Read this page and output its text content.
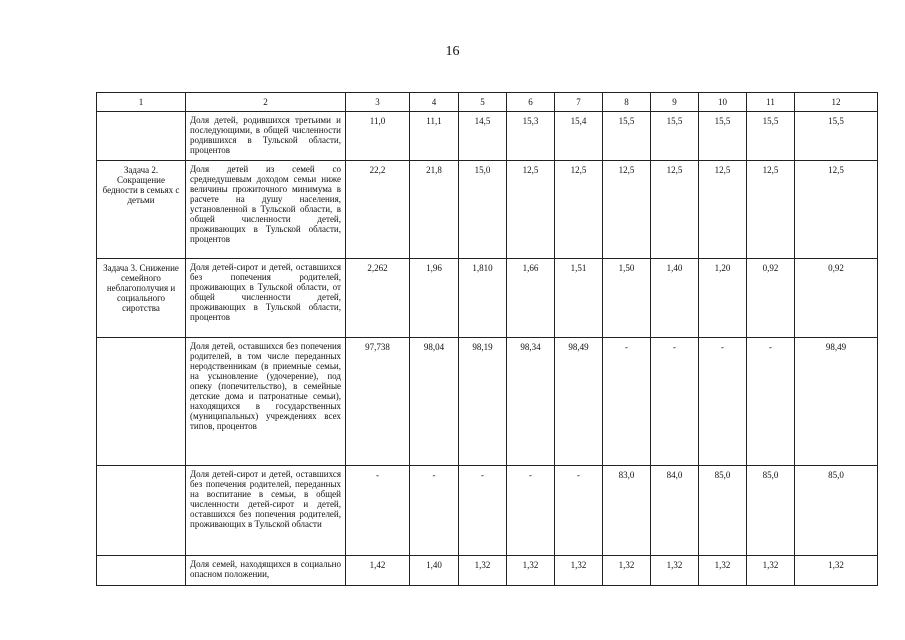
16
1	2	3	4	5	6	7	8	9	10	11	12
	Доля детей, родившихся третьими и последующими, в общей численности родившихся в Тульской области, процентов	11,0	11,1	14,5	15,3	15,4	15,5	15,5	15,5	15,5	15,5
Задача 2. Сокращение бедности в семьях с детьми	Доля детей из семей со среднедушевым доходом семьи ниже величины прожиточного минимума в расчете на душу населения, установленной в Тульской области, в общей численности детей, проживающих в Тульской области, процентов	22,2	21,8	15,0	12,5	12,5	12,5	12,5	12,5	12,5	12,5
Задача 3. Снижение семейного неблагополучия и социального сиротства	Доля детей-сирот и детей, оставшихся без попечения родителей, проживающих в Тульской области, от общей численности детей, проживающих в Тульской области, процентов	2,262	1,96	1,810	1,66	1,51	1,50	1,40	1,20	0,92	0,92
	Доля детей, оставшихся без попечения родителей, в том числе переданных неродственникам (в приемные семьи, на усыновление (удочерение), под опеку (попечительство), в семейные детские дома и патронатные семьи), находящихся в государственных (муниципальных) учреждениях всех типов, процентов	97,738	98,04	98,19	98,34	98,49	-	-	-	-	98,49
	Доля детей-сирот и детей, оставшихся без попечения родителей, переданных на воспитание в семьи, в общей численности детей-сирот и детей, оставшихся без попечения родителей, проживающих в Тульской области	-	-	-	-	-	83,0	84,0	85,0	85,0	85,0
	Доля семей, находящихся в социально опасном положении,	1,42	1,40	1,32	1,32	1,32	1,32	1,32	1,32	1,32	1,32
